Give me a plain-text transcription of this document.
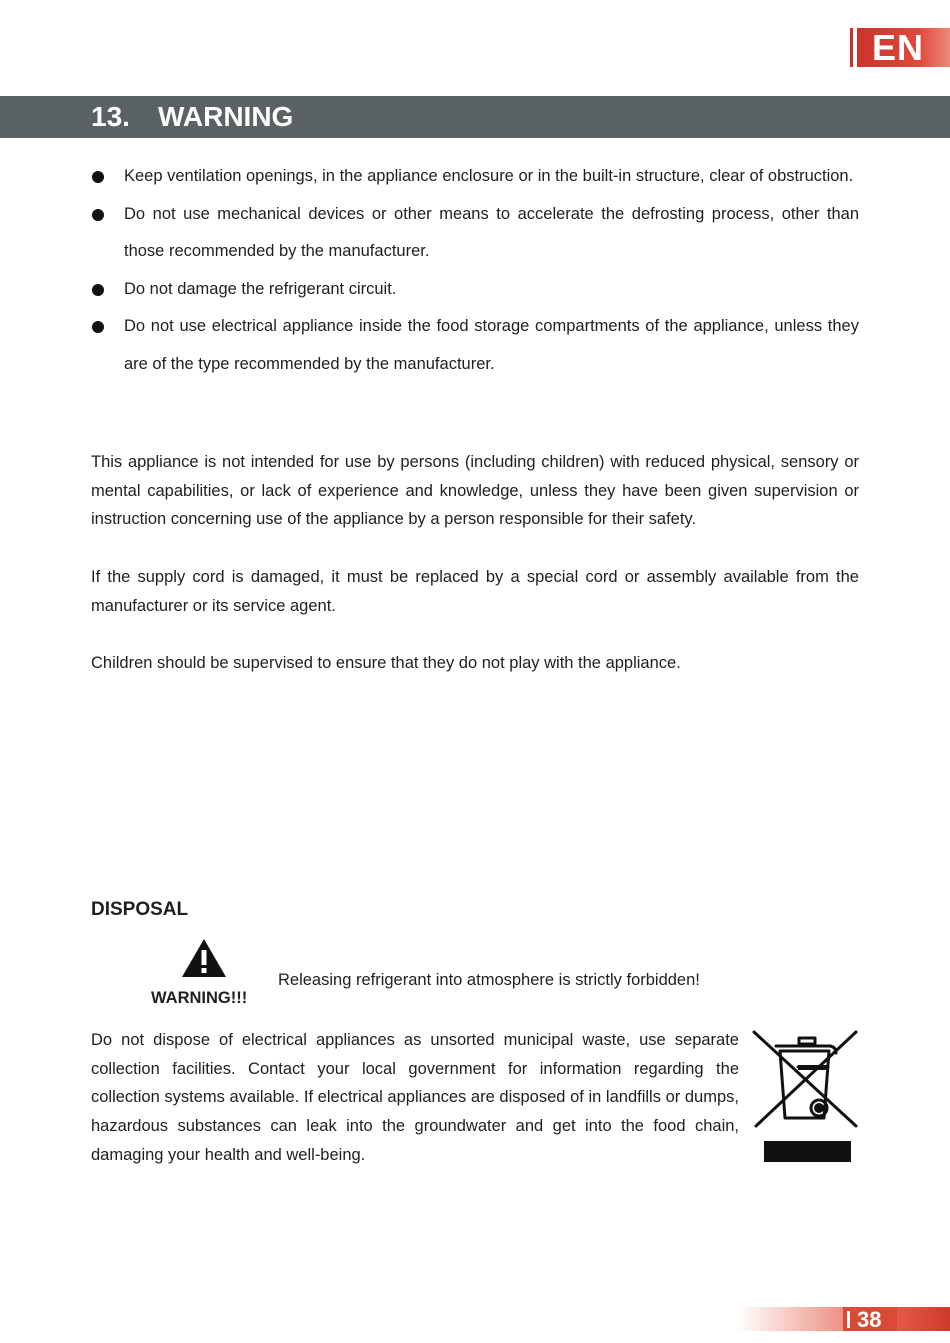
EN
13. WARNING
Keep ventilation openings, in the appliance enclosure or in the built-in structure, clear of obstruction.
Do not use mechanical devices or other means to accelerate the defrosting process, other than those recommended by the manufacturer.
Do not damage the refrigerant circuit.
Do not use electrical appliance inside the food storage compartments of the appliance, unless they are of the type recommended by the manufacturer.

This appliance is not intended for use by persons (including children) with reduced physical, sensory or mental capabilities, or lack of experience and knowledge, unless they have been given supervision or instruction concerning use of the appliance by a person responsible for their safety.

If the supply cord is damaged, it must be replaced by a special cord or assembly available from the manufacturer or its service agent.

Children should be supervised to ensure that they do not play with the appliance.

DISPOSAL
WARNING!!!
Releasing refrigerant into atmosphere is strictly forbidden!

Do not dispose of electrical appliances as unsorted municipal waste, use separate collection facilities. Contact your local government for information regarding the collection systems available. If electrical appliances are disposed of in landfills or dumps, hazardous substances can leak into the groundwater and get into the food chain, damaging your health and well-being.

38
